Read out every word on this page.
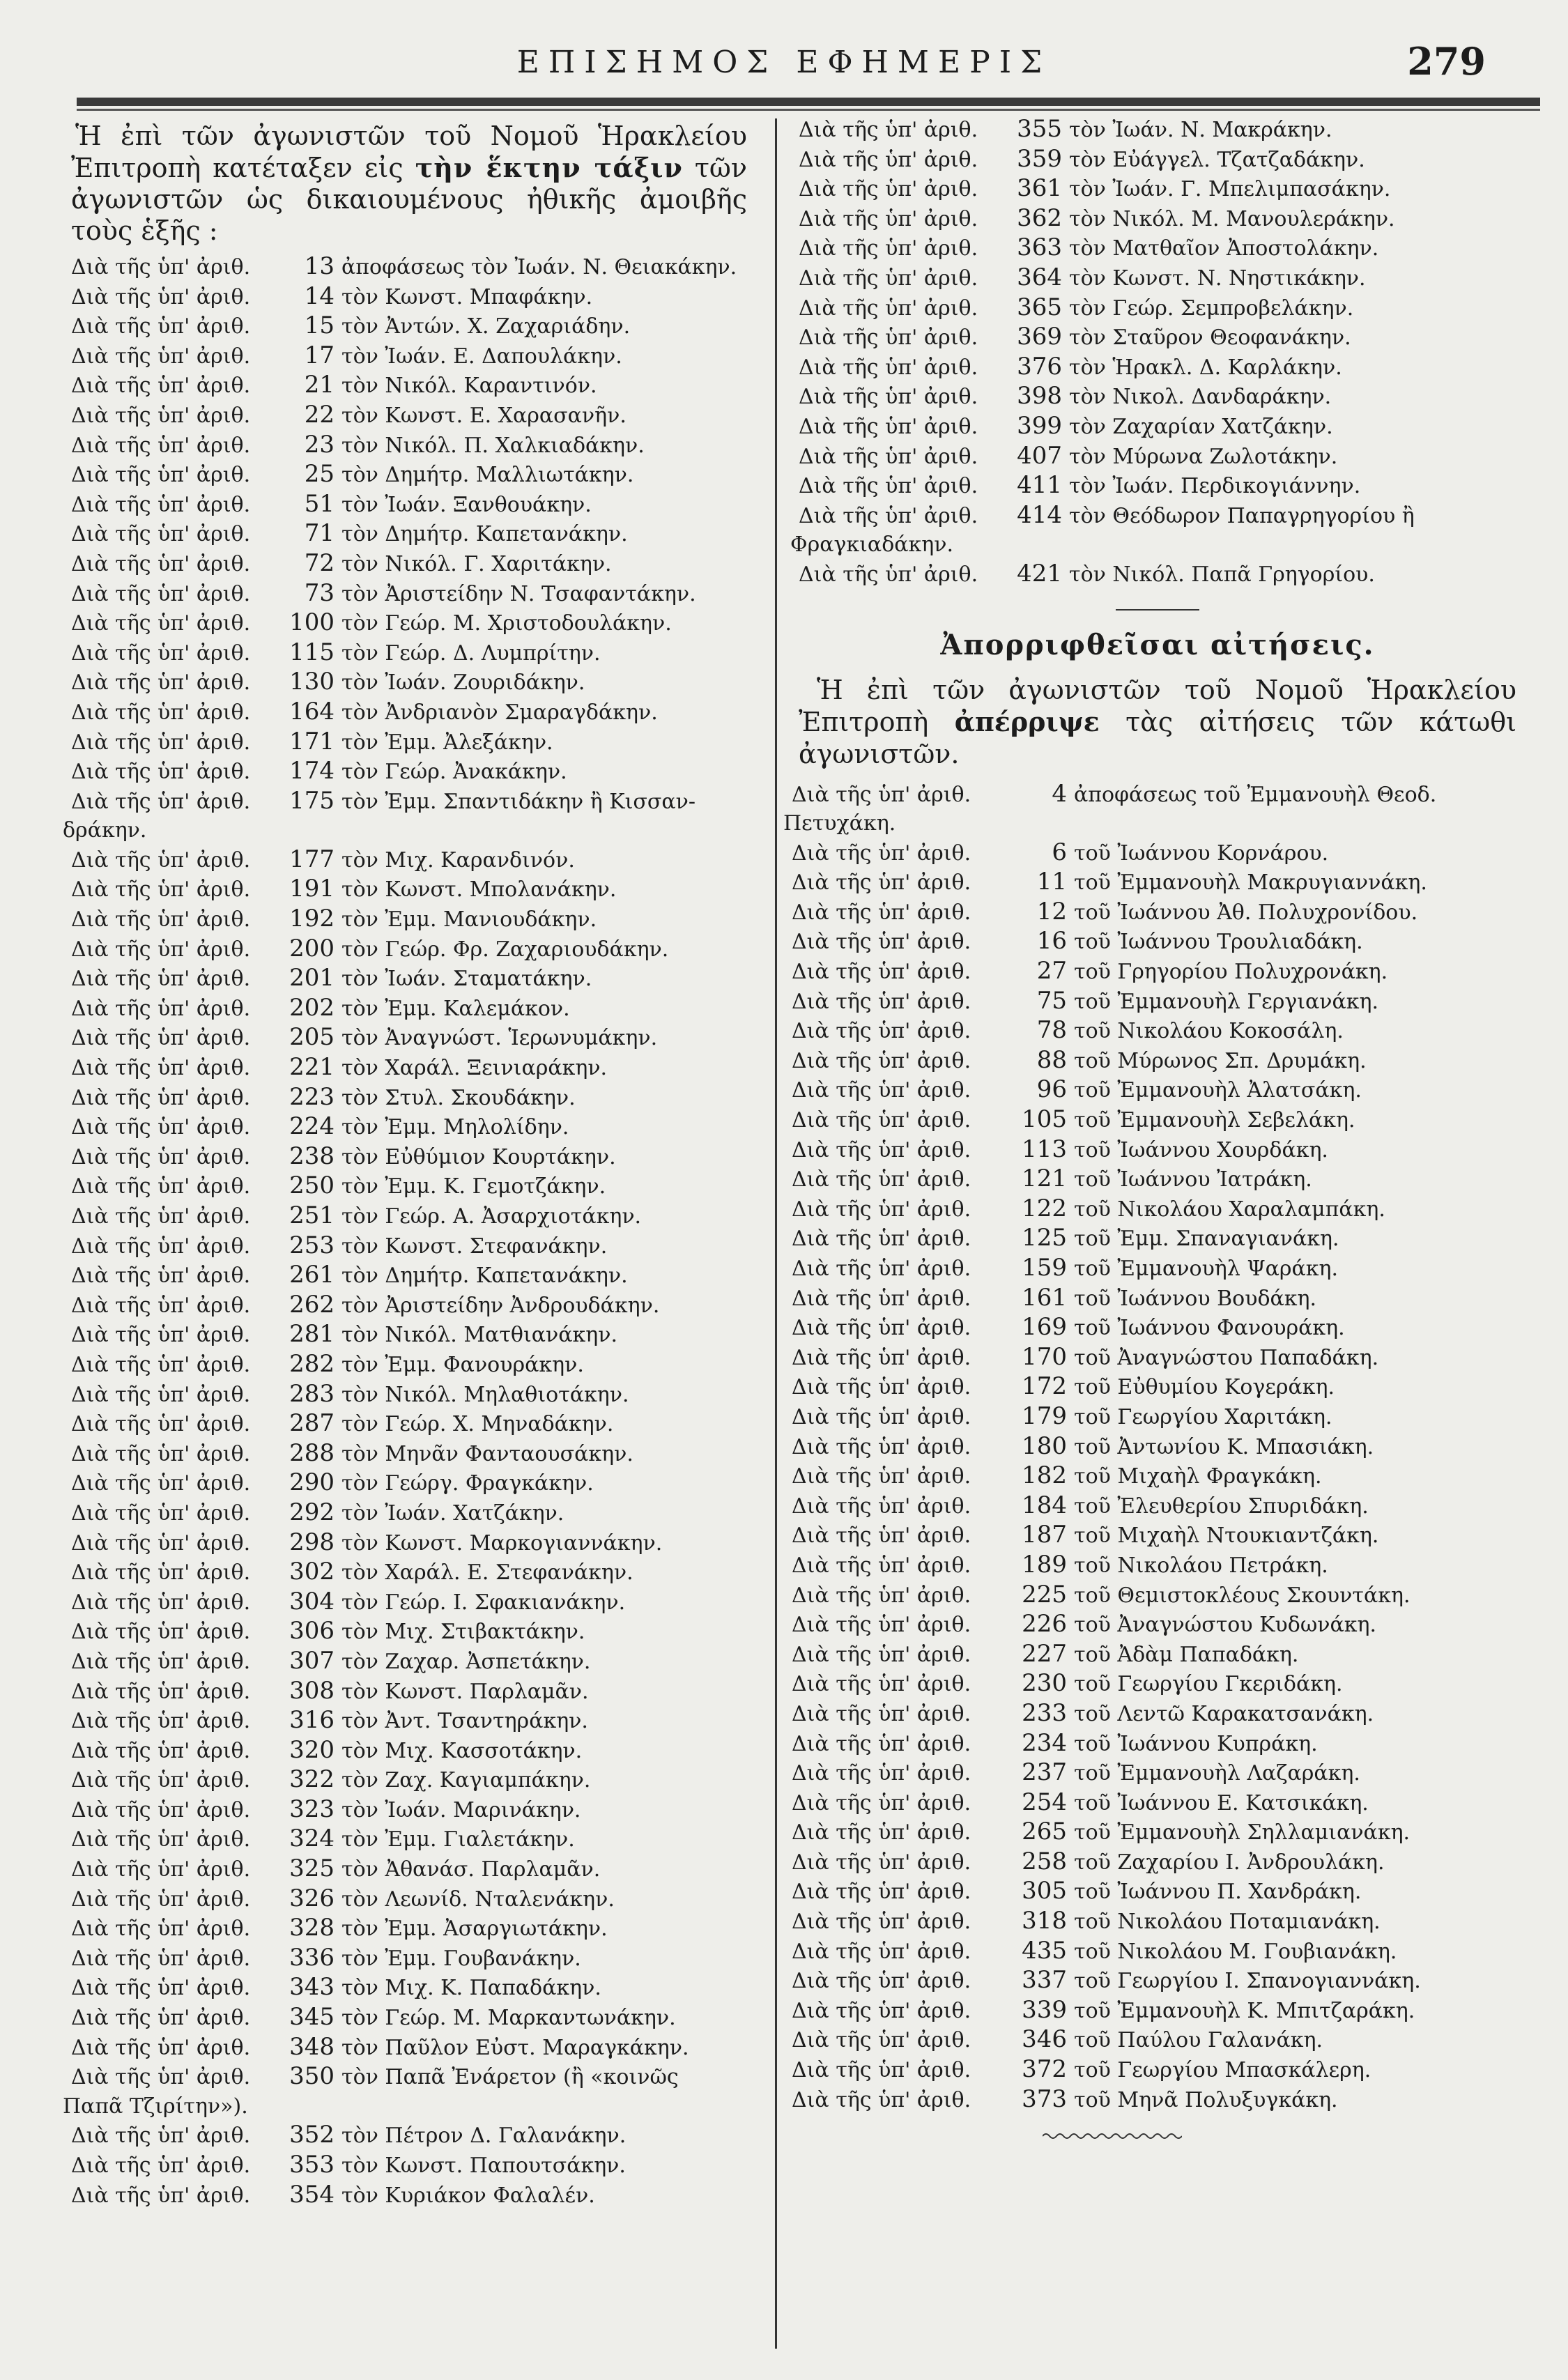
ΕΠΙΣΗΜΟΣ ΕΦΗΜΕΡΙΣ	279

Ἡ ἐπὶ τῶν ἀγωνιστῶν τοῦ Νομοῦ Ἡρακλείου Ἐπιτροπὴ κατέταξεν εἰς τὴν ἕκτην τάξιν τῶν ἀγωνιστῶν ὡς δικαιουμένους ἠθικῆς ἀμοιβῆς τοὺς ἑξῆς :

Διὰ τῆς ὑπ' ἀριθ. 13 ἀποφάσεως τὸν Ἰωάν. Ν. Θειακάκην.
Διὰ τῆς ὑπ' ἀριθ. 14 τὸν Κωνστ. Μπαφάκην.
Διὰ τῆς ὑπ' ἀριθ. 15 τὸν Ἀντών. Χ. Ζαχαριάδην.
Διὰ τῆς ὑπ' ἀριθ. 17 τὸν Ἰωάν. Ε. Δαπουλάκην.
Διὰ τῆς ὑπ' ἀριθ. 21 τὸν Νικόλ. Καραντινόν.
Διὰ τῆς ὑπ' ἀριθ. 22 τὸν Κωνστ. Ε. Χαρασανῆν.
Διὰ τῆς ὑπ' ἀριθ. 23 τὸν Νικόλ. Π. Χαλκιαδάκην.
Διὰ τῆς ὑπ' ἀριθ. 25 τὸν Δημήτρ. Μαλλιωτάκην.
Διὰ τῆς ὑπ' ἀριθ. 51 τὸν Ἰωάν. Ξανθουάκην.
Διὰ τῆς ὑπ' ἀριθ. 71 τὸν Δημήτρ. Καπετανάκην.
Διὰ τῆς ὑπ' ἀριθ. 72 τὸν Νικόλ. Γ. Χαριτάκην.
Διὰ τῆς ὑπ' ἀριθ. 73 τὸν Ἀριστείδην Ν. Τσαφαντάκην.
Διὰ τῆς ὑπ' ἀριθ. 100 τὸν Γεώρ. Μ. Χριστοδουλάκην.
Διὰ τῆς ὑπ' ἀριθ. 115 τὸν Γεώρ. Δ. Λυμπρίτην.
Διὰ τῆς ὑπ' ἀριθ. 130 τὸν Ἰωάν. Ζουριδάκην.
Διὰ τῆς ὑπ' ἀριθ. 164 τὸν Ἀνδριανὸν Σμαραγδάκην.
Διὰ τῆς ὑπ' ἀριθ. 171 τὸν Ἐμμ. Ἀλεξάκην.
Διὰ τῆς ὑπ' ἀριθ. 174 τὸν Γεώρ. Ἀνακάκην.
Διὰ τῆς ὑπ' ἀριθ. 175 τὸν Ἐμμ. Σπαντιδάκην ἢ Κισσαν-
δράκην.
Διὰ τῆς ὑπ' ἀριθ. 177 τὸν Μιχ. Καρανδινόν.
Διὰ τῆς ὑπ' ἀριθ. 191 τὸν Κωνστ. Μπολανάκην.
Διὰ τῆς ὑπ' ἀριθ. 192 τὸν Ἐμμ. Μανιουδάκην.
Διὰ τῆς ὑπ' ἀριθ. 200 τὸν Γεώρ. Φρ. Ζαχαριουδάκην.
Διὰ τῆς ὑπ' ἀριθ. 201 τὸν Ἰωάν. Σταματάκην.
Διὰ τῆς ὑπ' ἀριθ. 202 τὸν Ἐμμ. Καλεμάκον.
Διὰ τῆς ὑπ' ἀριθ. 205 τὸν Ἀναγνώστ. Ἱερωνυμάκην.
Διὰ τῆς ὑπ' ἀριθ. 221 τὸν Χαράλ. Ξεινιαράκην.
Διὰ τῆς ὑπ' ἀριθ. 223 τὸν Στυλ. Σκουδάκην.
Διὰ τῆς ὑπ' ἀριθ. 224 τὸν Ἐμμ. Μηλολίδην.
Διὰ τῆς ὑπ' ἀριθ. 238 τὸν Εὐθύμιον Κουρτάκην.
Διὰ τῆς ὑπ' ἀριθ. 250 τὸν Ἐμμ. Κ. Γεμοτζάκην.
Διὰ τῆς ὑπ' ἀριθ. 251 τὸν Γεώρ. Α. Ἀσαρχιοτάκην.
Διὰ τῆς ὑπ' ἀριθ. 253 τὸν Κωνστ. Στεφανάκην.
Διὰ τῆς ὑπ' ἀριθ. 261 τὸν Δημήτρ. Καπετανάκην.
Διὰ τῆς ὑπ' ἀριθ. 262 τὸν Ἀριστείδην Ἀνδρουδάκην.
Διὰ τῆς ὑπ' ἀριθ. 281 τὸν Νικόλ. Ματθιανάκην.
Διὰ τῆς ὑπ' ἀριθ. 282 τὸν Ἐμμ. Φανουράκην.
Διὰ τῆς ὑπ' ἀριθ. 283 τὸν Νικόλ. Μηλαθιοτάκην.
Διὰ τῆς ὑπ' ἀριθ. 287 τὸν Γεώρ. Χ. Μηναδάκην.
Διὰ τῆς ὑπ' ἀριθ. 288 τὸν Μηνᾶν Φανταουσάκην.
Διὰ τῆς ὑπ' ἀριθ. 290 τὸν Γεώργ. Φραγκάκην.
Διὰ τῆς ὑπ' ἀριθ. 292 τὸν Ἰωάν. Χατζάκην.
Διὰ τῆς ὑπ' ἀριθ. 298 τὸν Κωνστ. Μαρκογιαννάκην.
Διὰ τῆς ὑπ' ἀριθ. 302 τὸν Χαράλ. Ε. Στεφανάκην.
Διὰ τῆς ὑπ' ἀριθ. 304 τὸν Γεώρ. Ι. Σφακιανάκην.
Διὰ τῆς ὑπ' ἀριθ. 306 τὸν Μιχ. Στιβακτάκην.
Διὰ τῆς ὑπ' ἀριθ. 307 τὸν Ζαχαρ. Ἀσπετάκην.
Διὰ τῆς ὑπ' ἀριθ. 308 τὸν Κωνστ. Παρλαμᾶν.
Διὰ τῆς ὑπ' ἀριθ. 316 τὸν Ἀντ. Τσαντηράκην.
Διὰ τῆς ὑπ' ἀριθ. 320 τὸν Μιχ. Κασσοτάκην.
Διὰ τῆς ὑπ' ἀριθ. 322 τὸν Ζαχ. Καγιαμπάκην.
Διὰ τῆς ὑπ' ἀριθ. 323 τὸν Ἰωάν. Μαρινάκην.
Διὰ τῆς ὑπ' ἀριθ. 324 τὸν Ἐμμ. Γιαλετάκην.
Διὰ τῆς ὑπ' ἀριθ. 325 τὸν Ἀθανάσ. Παρλαμᾶν.
Διὰ τῆς ὑπ' ἀριθ. 326 τὸν Λεωνίδ. Νταλενάκην.
Διὰ τῆς ὑπ' ἀριθ. 328 τὸν Ἐμμ. Ἀσαργιωτάκην.
Διὰ τῆς ὑπ' ἀριθ. 336 τὸν Ἐμμ. Γουβανάκην.
Διὰ τῆς ὑπ' ἀριθ. 343 τὸν Μιχ. Κ. Παπαδάκην.
Διὰ τῆς ὑπ' ἀριθ. 345 τὸν Γεώρ. Μ. Μαρκαντωνάκην.
Διὰ τῆς ὑπ' ἀριθ. 348 τὸν Παῦλον Εὐστ. Μαραγκάκην.
Διὰ τῆς ὑπ' ἀριθ. 350 τὸν Παπᾶ Ἐνάρετον (ἢ «κοινῶς
Παπᾶ Τζιρίτην»).
Διὰ τῆς ὑπ' ἀριθ. 352 τὸν Πέτρον Δ. Γαλανάκην.
Διὰ τῆς ὑπ' ἀριθ. 353 τὸν Κωνστ. Παπουτσάκην.
Διὰ τῆς ὑπ' ἀριθ. 354 τὸν Κυριάκον Φαλαλέν.
Διὰ τῆς ὑπ' ἀριθ. 355 τὸν Ἰωάν. Ν. Μακράκην.
Διὰ τῆς ὑπ' ἀριθ. 359 τὸν Εὐάγγελ. Τζατζαδάκην.
Διὰ τῆς ὑπ' ἀριθ. 361 τὸν Ἰωάν. Γ. Μπελιμπασάκην.
Διὰ τῆς ὑπ' ἀριθ. 362 τὸν Νικόλ. Μ. Μανουλεράκην.
Διὰ τῆς ὑπ' ἀριθ. 363 τὸν Ματθαῖον Ἀποστολάκην.
Διὰ τῆς ὑπ' ἀριθ. 364 τὸν Κωνστ. Ν. Νηστικάκην.
Διὰ τῆς ὑπ' ἀριθ. 365 τὸν Γεώρ. Σεμπροβελάκην.
Διὰ τῆς ὑπ' ἀριθ. 369 τὸν Σταῦρον Θεοφανάκην.
Διὰ τῆς ὑπ' ἀριθ. 376 τὸν Ἡρακλ. Δ. Καρλάκην.
Διὰ τῆς ὑπ' ἀριθ. 398 τὸν Νικολ. Δανδαράκην.
Διὰ τῆς ὑπ' ἀριθ. 399 τὸν Ζαχαρίαν Χατζάκην.
Διὰ τῆς ὑπ' ἀριθ. 407 τὸν Μύρωνα Ζωλοτάκην.
Διὰ τῆς ὑπ' ἀριθ. 411 τὸν Ἰωάν. Περδικογιάννην.
Διὰ τῆς ὑπ' ἀριθ. 414 τὸν Θεόδωρον Παπαγρηγορίου ἢ
Φραγκιαδάκην.
Διὰ τῆς ὑπ' ἀριθ. 421 τὸν Νικόλ. Παπᾶ Γρηγορίου.
Ἀπορριφθεῖσαι αἰτήσεις.

Ἡ ἐπὶ τῶν ἀγωνιστῶν τοῦ Νομοῦ Ἡρακλείου Ἐπιτροπὴ ἀπέρριψε τὰς αἰτήσεις τῶν κάτωθι ἀγωνιστῶν.

Διὰ τῆς ὑπ' ἀριθ.	4 ἀποφάσεως τοῦ Ἐμμανουὴλ Θεοδ.
Πετυχάκη.
Διὰ τῆς ὑπ' ἀριθ.	6 τοῦ Ἰωάννου Κορνάρου.
Διὰ τῆς ὑπ' ἀριθ.	11 τοῦ Ἐμμανουὴλ Μακρυγιαννάκη.
Διὰ τῆς ὑπ' ἀριθ.	12 τοῦ Ἰωάννου Ἀθ. Πολυχρονίδου.
Διὰ τῆς ὑπ' ἀριθ.	16 τοῦ Ἰωάννου Τρουλιαδάκη.
Διὰ τῆς ὑπ' ἀριθ.	27 τοῦ Γρηγορίου Πολυχρονάκη.
Διὰ τῆς ὑπ' ἀριθ.	75 τοῦ Ἐμμανουὴλ Γεργιανάκη.
Διὰ τῆς ὑπ' ἀριθ.	78 τοῦ Νικολάου Κοκοσάλη.
Διὰ τῆς ὑπ' ἀριθ.	88 τοῦ Μύρωνος Σπ. Δρυμάκη.
Διὰ τῆς ὑπ' ἀριθ.	96 τοῦ Ἐμμανουὴλ Ἀλατσάκη.
Διὰ τῆς ὑπ' ἀριθ. 105 τοῦ Ἐμμανουὴλ Σεβελάκη.
Διὰ τῆς ὑπ' ἀριθ. 113 τοῦ Ἰωάννου Χουρδάκη.
Διὰ τῆς ὑπ' ἀριθ. 121 τοῦ Ἰωάννου Ἰατράκη.
Διὰ τῆς ὑπ' ἀριθ. 122 τοῦ Νικολάου Χαραλαμπάκη.
Διὰ τῆς ὑπ' ἀριθ. 125 τοῦ Ἐμμ. Σπαναγιανάκη.
Διὰ τῆς ὑπ' ἀριθ. 159 τοῦ Ἐμμανουὴλ Ψαράκη.
Διὰ τῆς ὑπ' ἀριθ. 161 τοῦ Ἰωάννου Βουδάκη.
Διὰ τῆς ὑπ' ἀριθ. 169 τοῦ Ἰωάννου Φανουράκη.
Διὰ τῆς ὑπ' ἀριθ. 170 τοῦ Ἀναγνώστου Παπαδάκη.
Διὰ τῆς ὑπ' ἀριθ. 172 τοῦ Εὐθυμίου Κογεράκη.
Διὰ τῆς ὑπ' ἀριθ. 179 τοῦ Γεωργίου Χαριτάκη.
Διὰ τῆς ὑπ' ἀριθ. 180 τοῦ Ἀντωνίου Κ. Μπασιάκη.
Διὰ τῆς ὑπ' ἀριθ. 182 τοῦ Μιχαὴλ Φραγκάκη.
Διὰ τῆς ὑπ' ἀριθ. 184 τοῦ Ἐλευθερίου Σπυριδάκη.
Διὰ τῆς ὑπ' ἀριθ. 187 τοῦ Μιχαὴλ Ντουκιαντζάκη.
Διὰ τῆς ὑπ' ἀριθ. 189 τοῦ Νικολάου Πετράκη.
Διὰ τῆς ὑπ' ἀριθ. 225 τοῦ Θεμιστοκλέους Σκουντάκη.
Διὰ τῆς ὑπ' ἀριθ. 226 τοῦ Ἀναγνώστου Κυδωνάκη.
Διὰ τῆς ὑπ' ἀριθ. 227 τοῦ Ἀδὰμ Παπαδάκη.
Διὰ τῆς ὑπ' ἀριθ. 230 τοῦ Γεωργίου Γκεριδάκη.
Διὰ τῆς ὑπ' ἀριθ. 233 τοῦ Λεντῶ Καρακατσανάκη.
Διὰ τῆς ὑπ' ἀριθ. 234 τοῦ Ἰωάννου Κυπράκη.
Διὰ τῆς ὑπ' ἀριθ. 237 τοῦ Ἐμμανουὴλ Λαζαράκη.
Διὰ τῆς ὑπ' ἀριθ. 254 τοῦ Ἰωάννου Ε. Κατσικάκη.
Διὰ τῆς ὑπ' ἀριθ. 265 τοῦ Ἐμμανουὴλ Σηλλαμιανάκη.
Διὰ τῆς ὑπ' ἀριθ. 258 τοῦ Ζαχαρίου Ι. Ἀνδρουλάκη.
Διὰ τῆς ὑπ' ἀριθ. 305 τοῦ Ἰωάννου Π. Χανδράκη.
Διὰ τῆς ὑπ' ἀριθ. 318 τοῦ Νικολάου Ποταμιανάκη.
Διὰ τῆς ὑπ' ἀριθ. 435 τοῦ Νικολάου Μ. Γουβιανάκη.
Διὰ τῆς ὑπ' ἀριθ. 337 τοῦ Γεωργίου Ι. Σπανογιαννάκη.
Διὰ τῆς ὑπ' ἀριθ. 339 τοῦ Ἐμμανουὴλ Κ. Μπιτζαράκη.
Διὰ τῆς ὑπ' ἀριθ. 346 τοῦ Παύλου Γαλανάκη.
Διὰ τῆς ὑπ' ἀριθ. 372 τοῦ Γεωργίου Μπασκάλερη.
Διὰ τῆς ὑπ' ἀριθ. 373 τοῦ Μηνᾶ Πολυξυγκάκη.
